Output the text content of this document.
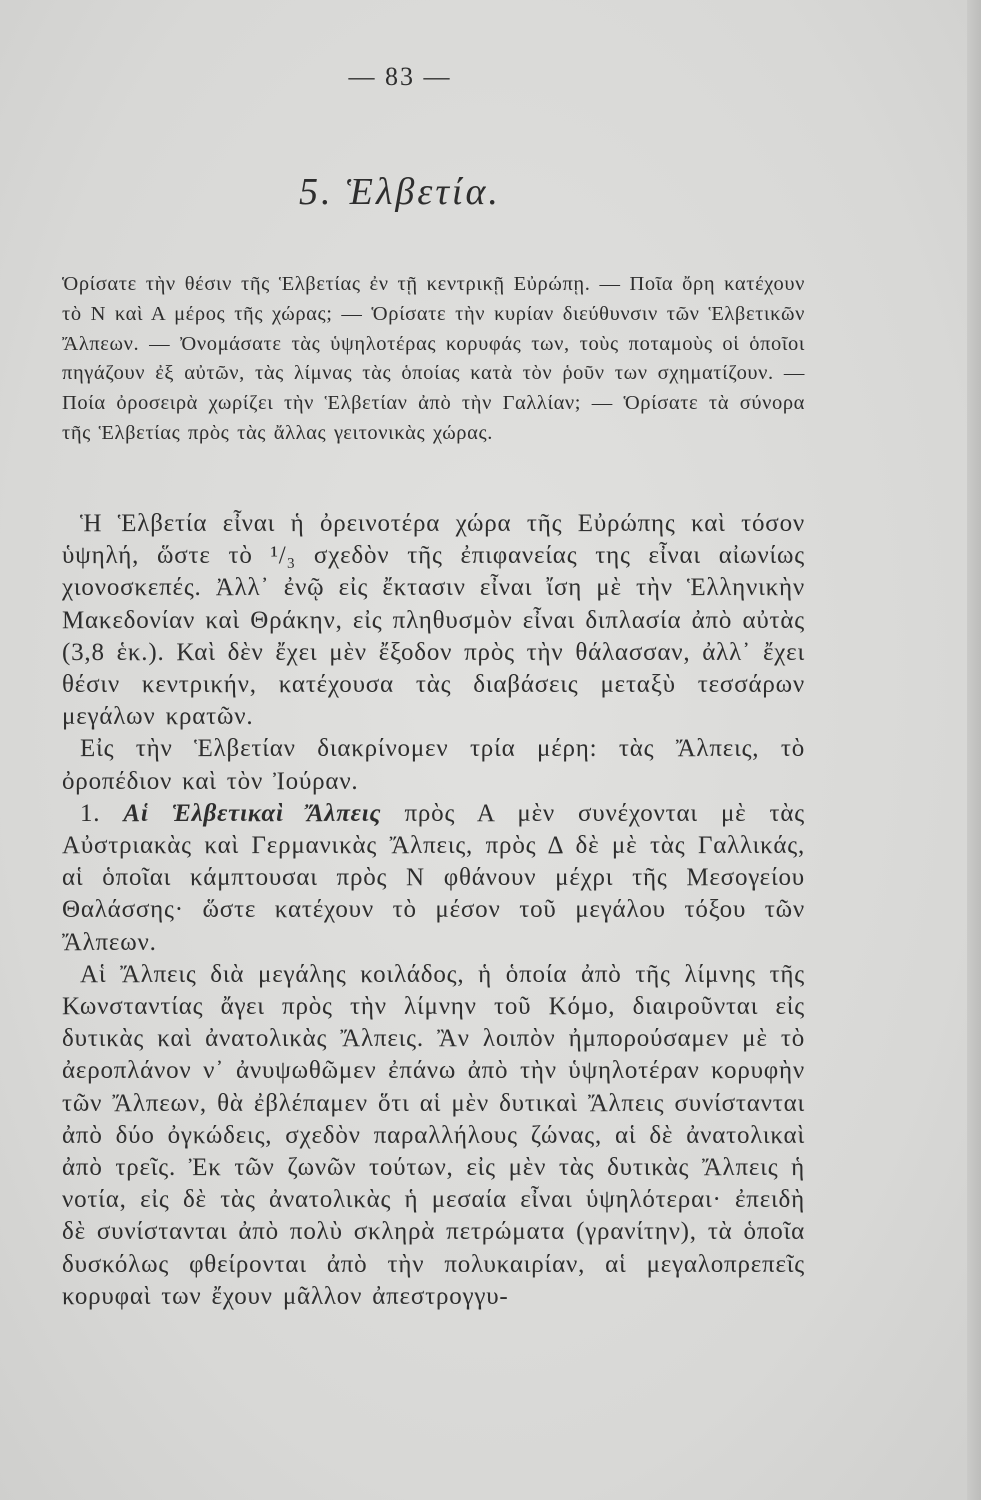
— 83 —
5. Ἑλβετία.

Ὁρίσατε τὴν θέσιν τῆς Ἑλβετίας ἐν τῇ κεντρικῇ Εὐρώπῃ. — Ποῖα ὄρη κατέχουν τὸ Ν καὶ Α μέρος τῆς χώρας; — Ὁρίσατε τὴν κυρίαν διεύθυνσιν τῶν Ἑλβετικῶν Ἄλπεων. — Ὀνομάσατε τὰς ὑψηλοτέρας κορυφάς των, τοὺς ποταμοὺς οἱ ὁποῖοι πηγάζουν ἐξ αὐτῶν, τὰς λίμνας τὰς ὁποίας κατὰ τὸν ῥοῦν των σχηματίζουν. — Ποία ὀροσειρὰ χωρίζει τὴν Ἑλβετίαν ἀπὸ τὴν Γαλλίαν; — Ὁρίσατε τὰ σύνορα τῆς Ἑλβετίας πρὸς τὰς ἄλλας γειτονικὰς χώρας.

Ἡ Ἑλβετία εἶναι ἡ ὀρεινοτέρα χώρα τῆς Εὐρώπης καὶ τόσον ὑψηλή, ὥστε τὸ ¹/₃ σχεδὸν τῆς ἐπιφανείας της εἶναι αἰωνίως χιονοσκεπές. Ἀλλ᾽ ἐνῷ εἰς ἔκτασιν εἶναι ἴση μὲ τὴν Ἑλληνικὴν Μακεδονίαν καὶ Θράκην, εἰς πληθυσμὸν εἶναι διπλασία ἀπὸ αὐτὰς (3,8 ἑκ.). Καὶ δὲν ἔχει μὲν ἔξοδον πρὸς τὴν θάλασσαν, ἀλλ᾽ ἔχει θέσιν κεντρικήν, κατέχουσα τὰς διαβάσεις μεταξὺ τεσσάρων μεγάλων κρατῶν.

Εἰς τὴν Ἑλβετίαν διακρίνομεν τρία μέρη: τὰς Ἄλπεις, τὸ ὀροπέδιον καὶ τὸν Ἰούραν.

1. Αἱ Ἑλβετικαὶ Ἄλπεις πρὸς Α μὲν συνέχονται μὲ τὰς Αὐστριακὰς καὶ Γερμανικὰς Ἄλπεις, πρὸς Δ δὲ μὲ τὰς Γαλλικάς, αἱ ὁποῖαι κάμπτουσαι πρὸς Ν φθάνουν μέχρι τῆς Μεσογείου Θαλάσσης· ὥστε κατέχουν τὸ μέσον τοῦ μεγάλου τόξου τῶν Ἄλπεων.

Αἱ Ἄλπεις διὰ μεγάλης κοιλάδος, ἡ ὁποία ἀπὸ τῆς λίμνης τῆς Κωνσταντίας ἄγει πρὸς τὴν λίμνην τοῦ Κόμο, διαιροῦνται εἰς δυτικὰς καὶ ἀνατολικὰς Ἄλπεις. Ἂν λοιπὸν ἠμπορούσαμεν μὲ τὸ ἀεροπλάνον ν᾽ ἀνυψωθῶμεν ἐπάνω ἀπὸ τὴν ὑψηλοτέραν κορυφὴν τῶν Ἄλπεων, θὰ ἐβλέπαμεν ὅτι αἱ μὲν δυτικαὶ Ἄλπεις συνίστανται ἀπὸ δύο ὀγκώδεις, σχεδὸν παραλλήλους ζώνας, αἱ δὲ ἀνατολικαὶ ἀπὸ τρεῖς. Ἐκ τῶν ζωνῶν τούτων, εἰς μὲν τὰς δυτικὰς Ἄλπεις ἡ νοτία, εἰς δὲ τὰς ἀνατολικὰς ἡ μεσαία εἶναι ὑψηλότεραι· ἐπειδὴ δὲ συνίστανται ἀπὸ πολὺ σκληρὰ πετρώματα (γρανίτην), τὰ ὁποῖα δυσκόλως φθείρονται ἀπὸ τὴν πολυκαιρίαν, αἱ μεγαλοπρεπεῖς κορυφαὶ των ἔχουν μᾶλλον ἀπεστρογγυ-
